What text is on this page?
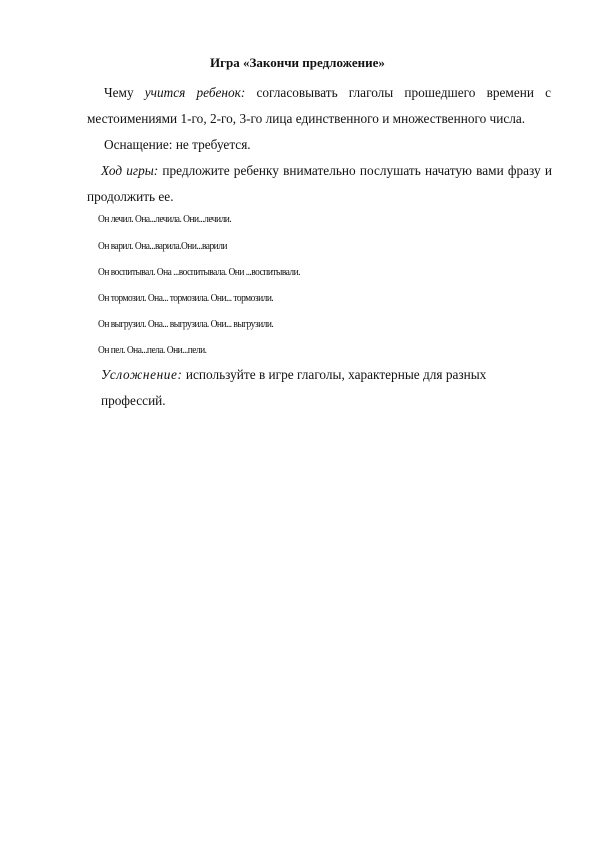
Игра «Закончи предложение»
Чему учится ребенок: согласовывать глаголы прошедшего времени с
местоимениями 1-го, 2-го, 3-го лица единственного и множественного числа.
Оснащение: не требуется.
Ход игры: предложите ребенку внимательно послушать начатую вами фразу и
продолжить ее.
Он лечил. Она...лечила. Они...лечили.
Он варил. Она...варила.Они...варили
Он воспитывал. Она ...воспитывала. Они ...воспитывали.
Он тормозил. Она... тормозила. Они... тормозили.
Он выгрузил. Она... выгрузила. Они... выгрузили.
Он пел. Она...пела. Они...пели.
Усложнение: используйте в игре глаголы, характерные для разных
профессий.
